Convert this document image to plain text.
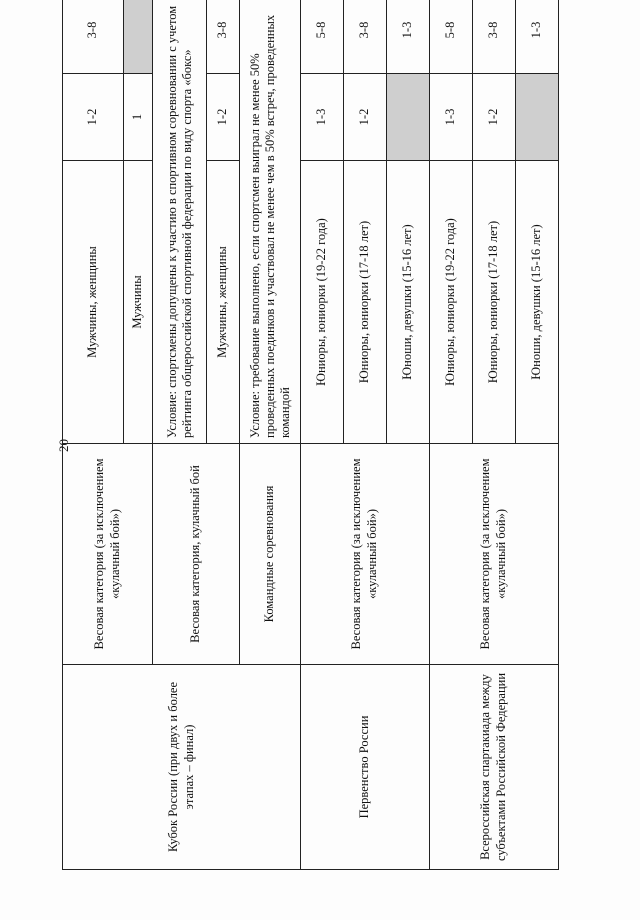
20
Кубок России (при двух и более этапах – финал)	Весовая категория (за исключением «кулачный бой»)	Мужчины, женщины	1-2	3-8
		Мужчины	1	
	Весовая категория, кулачный бой	Условие: спортсмены допущены к участию в спортивном соревновании с учетом рейтинга общероссийской спортивной федерации по виду спорта «бокс»		
		Мужчины, женщины	1-2	3-8
	Командные соревнования	Условие: требование выполнено, если спортсмен выиграл не менее 50% проведенных поединков и участвовал не менее чем в 50% встреч, проведенных командой		
Первенство России	Весовая категория (за исключением «кулачный бой»)	Юниоры, юниорки (19-22 года)	1-3	5-8
		Юниоры, юниорки (17-18 лет)	1-2	3-8
		Юноши, девушки (15-16 лет)		1-3
Всероссийская спартакиада между субъектами Российской Федерации	Весовая категория (за исключением «кулачный бой»)	Юниоры, юниорки (19-22 года)	1-3	5-8
		Юниоры, юниорки (17-18 лет)	1-2	3-8
		Юноши, девушки (15-16 лет)		1-3
